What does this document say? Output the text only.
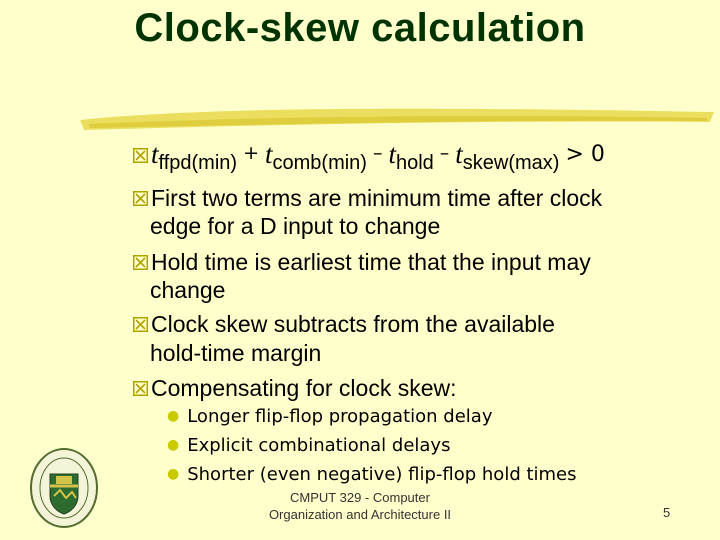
Clock-skew calculation
$t_{ffpd(min)} + t_{comb(min)} - t_{hold} - t_{skew(max)} > 0$
First two terms are minimum time after clock
edge for a D input to change
Hold time is earliest time that the input may
change
Clock skew subtracts from the available
hold-time margin
Compensating for clock skew:
● Longer flip-flop propagation delay
● Explicit combinational delays
● Shorter (even negative) flip-flop hold times
CMPUT 329 - Computer
Organization and Architecture II	5
